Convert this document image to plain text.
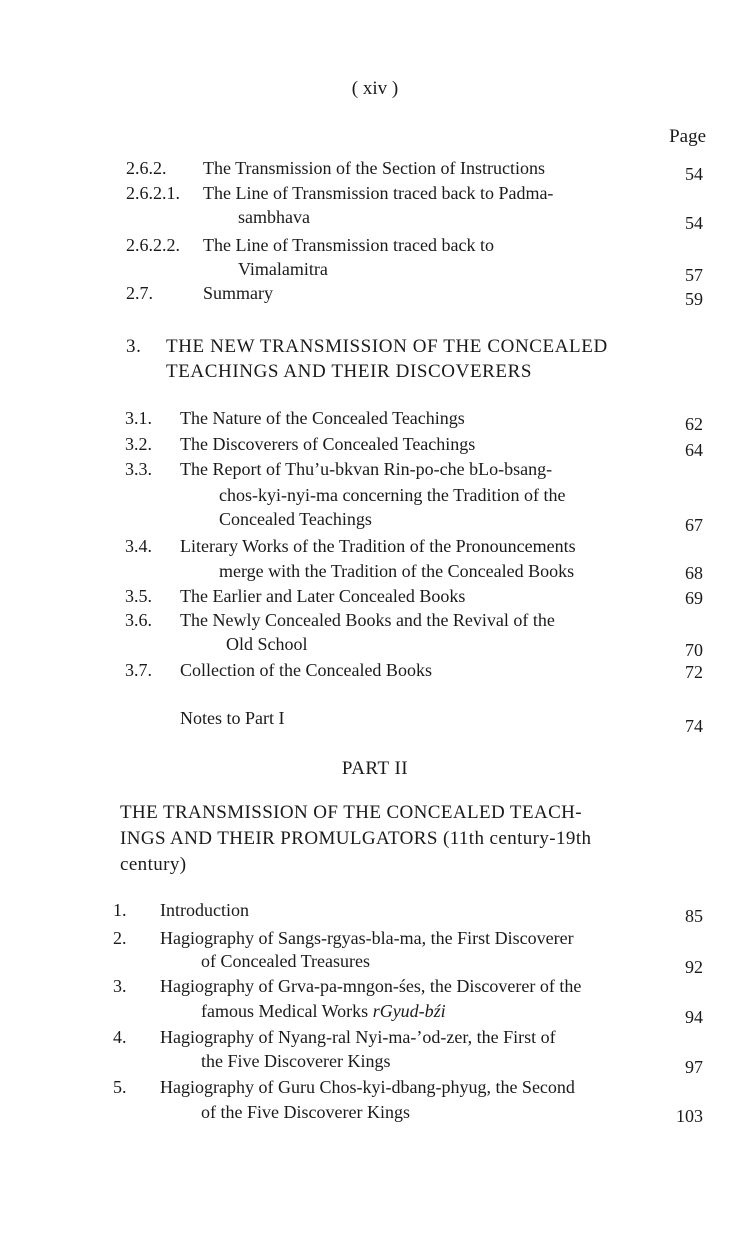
( xiv )
Page
2.6.2. The Transmission of the Section of Instructions	54
2.6.2.1. The Line of Transmission traced back to Padma-
sambhava	54
2.6.2.2. The Line of Transmission traced back to
Vimalamitra	57
2.7.	Summary	59
3. THE NEW TRANSMISSION OF THE CONCEALED
TEACHINGS AND THEIR DISCOVERERS
3.1. The Nature of the Concealed Teachings	62
3.2. The Discoverers of Concealed Teachings	64
3.3. The Report of Thu’u-bkvan Rin-po-che bLo-bsang-
chos-kyi-nyi-ma concerning the Tradition of the
Concealed Teachings	67
3.4. Literary Works of the Tradition of the Pronouncements
merge with the Tradition of the Concealed Books	68
3.5. The Earlier and Later Concealed Books	69
3.6. The Newly Concealed Books and the Revival of the
Old School	70
3.7. Collection of the Concealed Books	72
Notes to Part I	74
PART II
THE TRANSMISSION OF THE CONCEALED TEACH-
INGS AND THEIR PROMULGATORS (11th century-19th
century)
1. Introduction	85
2. Hagiography of Sangs-rgyas-bla-ma, the First Discoverer
of Concealed Treasures	92
3. Hagiography of Grva-pa-mngon-śes, the Discoverer of the
famous Medical Works rGyud-bźi	94
4. Hagiography of Nyang-ral Nyi-ma-’od-zer, the First of
the Five Discoverer Kings	97
5. Hagiography of Guru Chos-kyi-dbang-phyug, the Second
of the Five Discoverer Kings	103
